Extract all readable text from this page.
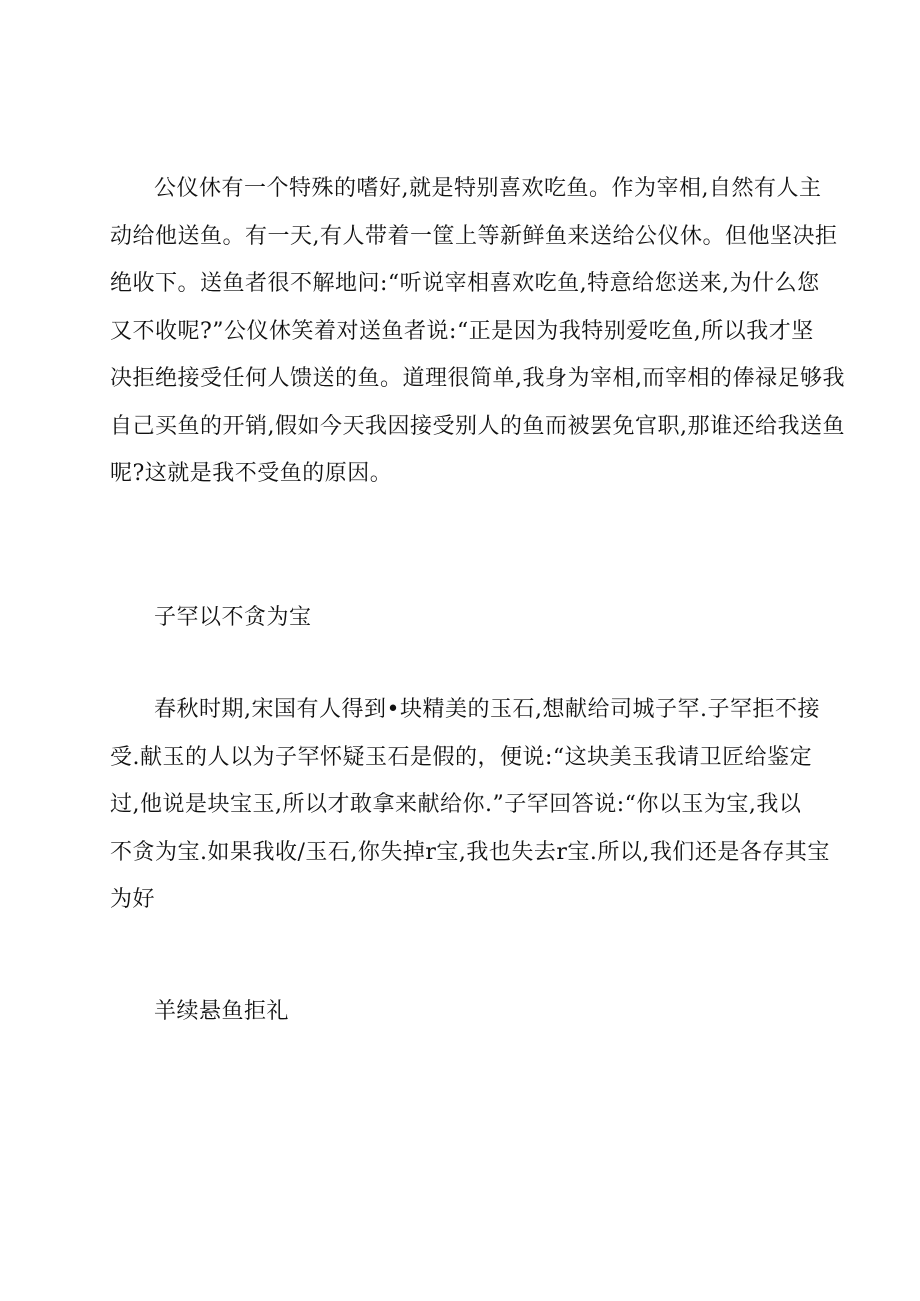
公仪休有一个特殊的嗜好,就是特别喜欢吃鱼。作为宰相,自然有人主
动给他送鱼。有一天,有人带着一筐上等新鲜鱼来送给公仪休。但他坚决拒
绝收下。送鱼者很不解地问:“听说宰相喜欢吃鱼,特意给您送来,为什么您
又不收呢?”公仪休笑着对送鱼者说:“正是因为我特别爱吃鱼,所以我才坚
决拒绝接受任何人馈送的鱼。道理很简单,我身为宰相,而宰相的俸禄足够我
自己买鱼的开销,假如今天我因接受别人的鱼而被罢免官职,那谁还给我送鱼
呢?这就是我不受鱼的原因。

子罕以不贪为宝

春秋时期,宋国有人得到•块精美的玉石,想献给司城子罕.子罕拒不接
受.献玉的人以为子罕怀疑玉石是假的，便说:“这块美玉我请卫匠给鉴定
过,他说是块宝玉,所以才敢拿来献给你.”子罕回答说:“你以玉为宝,我以
不贪为宝.如果我收/玉石,你失掉r宝,我也失去r宝.所以,我们还是各存其宝
为好

羊续悬鱼拒礼
